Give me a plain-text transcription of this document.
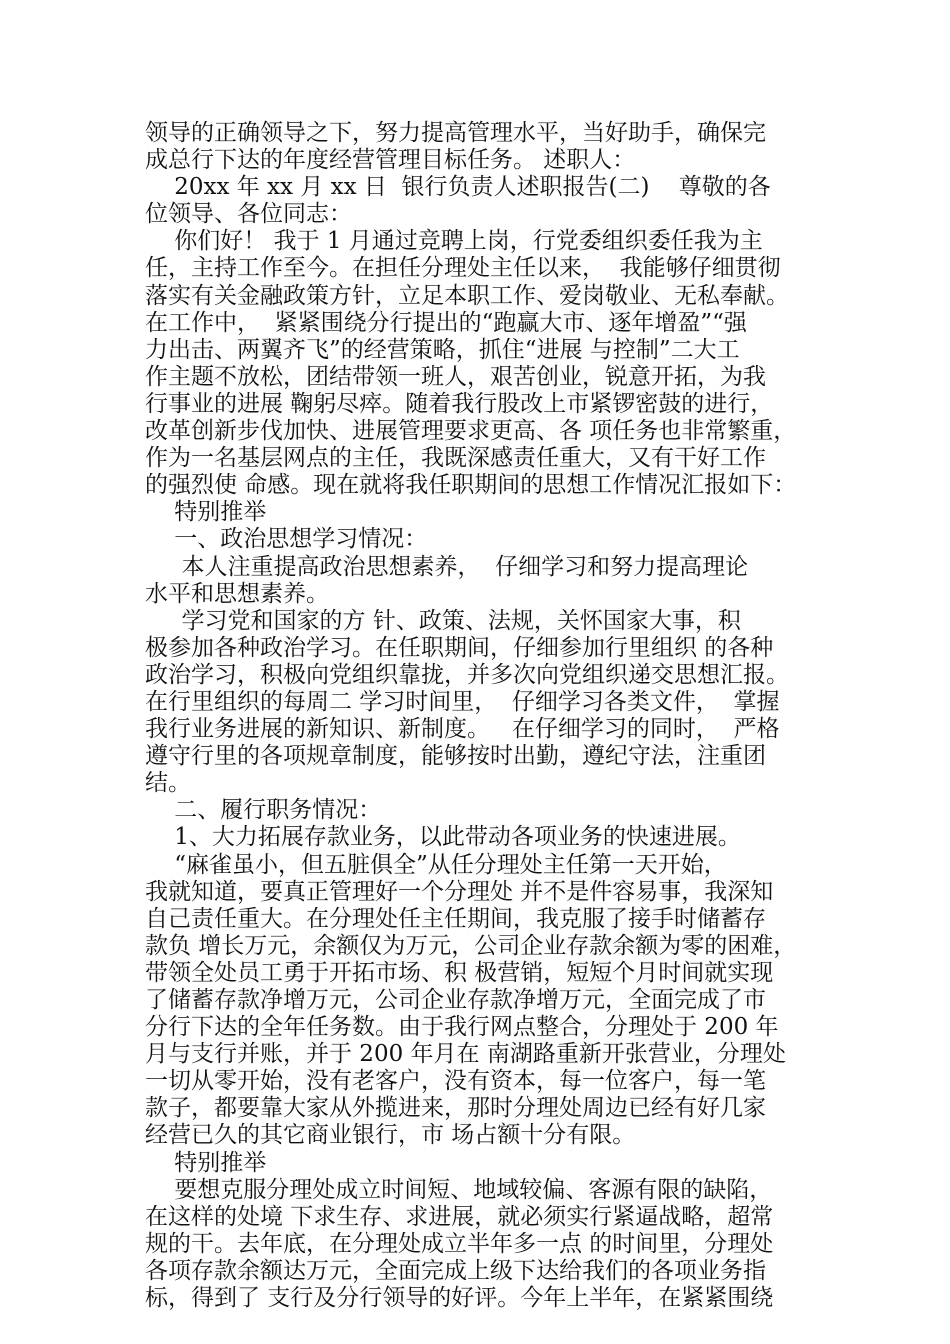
领导的正确领导之下，努力提高管理水平，当好助手，确保完
成总行下达的年度经营管理目标任务。 述职人：
20xx 年 xx 月 xx 日  银行负责人述职报告(二)    尊敬的各
位领导、各位同志：
你们好！ 我于 1 月通过竞聘上岗，行党委组织委任我为主
任，主持工作至今。在担任分理处主任以来，  我能够仔细贯彻
落实有关金融政策方针，立足本职工作、爱岗敬业、无私奉献。
在工作中，  紧紧围绕分行提出的“跑赢大市、逐年增盈”“强
力出击、两翼齐飞”的经营策略，抓住“进展 与控制”二大工
作主题不放松，团结带领一班人，艰苦创业，锐意开拓，为我
行事业的进展 鞠躬尽瘁。随着我行股改上市紧锣密鼓的进行，
改革创新步伐加快、进展管理要求更高、各 项任务也非常繁重，
作为一名基层网点的主任，我既深感责任重大，又有干好工作
的强烈使 命感。现在就将我任职期间的思想工作情况汇报如下：
特别推举
一、政治思想学习情况：
本人注重提高政治思想素养，  仔细学习和努力提高理论
水平和思想素养。
学习党和国家的方 针、政策、法规，关怀国家大事，积
极参加各种政治学习。在任职期间，仔细参加行里组织 的各种
政治学习，积极向党组织靠拢，并多次向党组织递交思想汇报。
在行里组织的每周二 学习时间里，  仔细学习各类文件，  掌握
我行业务进展的新知识、新制度。   在仔细学习的同时，  严格
遵守行里的各项规章制度，能够按时出勤，遵纪守法，注重团
结。
二、履行职务情况：
1、大力拓展存款业务，以此带动各项业务的快速进展。
“麻雀虽小，但五脏俱全”从任分理处主任第一天开始，
我就知道，要真正管理好一个分理处 并不是件容易事，我深知
自己责任重大。在分理处任主任期间，我克服了接手时储蓄存
款负 增长万元，余额仅为万元，公司企业存款余额为零的困难，
带领全处员工勇于开拓市场、积 极营销，短短个月时间就实现
了储蓄存款净增万元，公司企业存款净增万元，全面完成了市
分行下达的全年任务数。由于我行网点整合，分理处于 200 年
月与支行并账，并于 200 年月在 南湖路重新开张营业，分理处
一切从零开始，没有老客户，没有资本，每一位客户，每一笔
款子，都要靠大家从外揽进来，那时分理处周边已经有好几家
经营已久的其它商业银行，市 场占额十分有限。
特别推举
要想克服分理处成立时间短、地域较偏、客源有限的缺陷，
在这样的处境 下求生存、求进展，就必须实行紧逼战略，超常
规的干。去年底，在分理处成立半年多一点 的时间里，分理处
各项存款余额达万元，全面完成上级下达给我们的各项业务指
标，得到了 支行及分行领导的好评。今年上半年，在紧紧围绕
